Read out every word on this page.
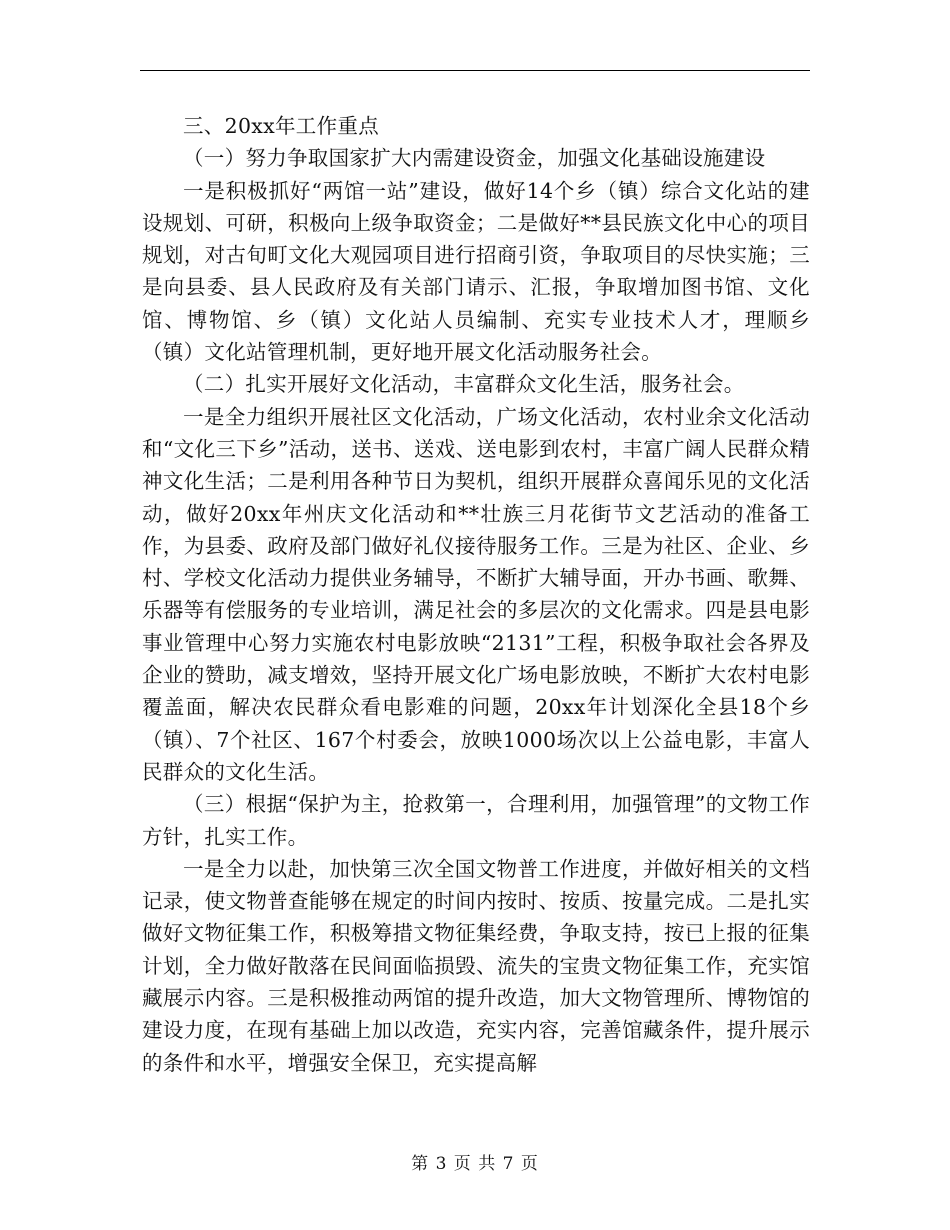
三、20xx年工作重点

（一）努力争取国家扩大内需建设资金，加强文化基础设施建设

一是积极抓好“两馆一站”建设，做好14个乡（镇）综合文化站的建设规划、可研，积极向上级争取资金；二是做好**县民族文化中心的项目规划，对古旬町文化大观园项目进行招商引资，争取项目的尽快实施；三是向县委、县人民政府及有关部门请示、汇报，争取增加图书馆、文化馆、博物馆、乡（镇）文化站人员编制、充实专业技术人才，理顺乡（镇）文化站管理机制，更好地开展文化活动服务社会。

（二）扎实开展好文化活动，丰富群众文化生活，服务社会。

一是全力组织开展社区文化活动，广场文化活动，农村业余文化活动和“文化三下乡”活动，送书、送戏、送电影到农村，丰富广阔人民群众精神文化生活；二是利用各种节日为契机，组织开展群众喜闻乐见的文化活动，做好20xx年州庆文化活动和**壮族三月花街节文艺活动的准备工作，为县委、政府及部门做好礼仪接待服务工作。三是为社区、企业、乡村、学校文化活动力提供业务辅导，不断扩大辅导面，开办书画、歌舞、乐器等有偿服务的专业培训，满足社会的多层次的文化需求。四是县电影事业管理中心努力实施农村电影放映“2131”工程，积极争取社会各界及企业的赞助，减支增效，坚持开展文化广场电影放映，不断扩大农村电影覆盖面，解决农民群众看电影难的问题，20xx年计划深化全县18个乡（镇）、7个社区、167个村委会，放映1000场次以上公益电影，丰富人民群众的文化生活。

（三）根据“保护为主，抢救第一，合理利用，加强管理”的文物工作方针，扎实工作。

一是全力以赴，加快第三次全国文物普工作进度，并做好相关的文档记录，使文物普查能够在规定的时间内按时、按质、按量完成。二是扎实做好文物征集工作，积极筹措文物征集经费，争取支持，按已上报的征集计划，全力做好散落在民间面临损毁、流失的宝贵文物征集工作，充实馆藏展示内容。三是积极推动两馆的提升改造，加大文物管理所、博物馆的建设力度，在现有基础上加以改造，充实内容，完善馆藏条件，提升展示的条件和水平，增强安全保卫，充实提高解

第 3 页 共 7 页
